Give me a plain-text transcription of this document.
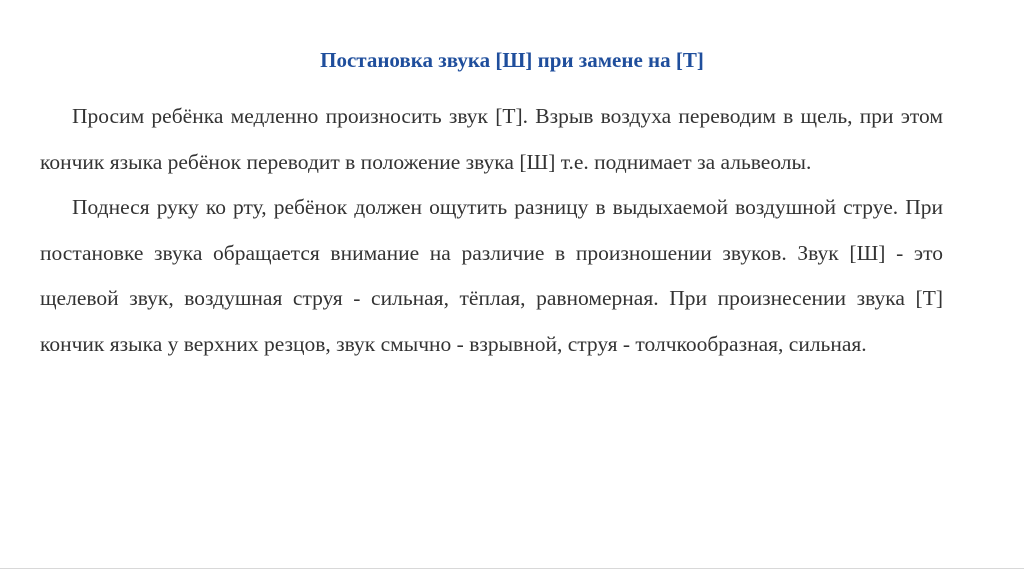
Постановка звука [Ш] при замене на [Т]

Просим ребёнка медленно произносить звук [Т]. Взрыв воздуха переводим в щель, при этом кончик языка ребёнок переводит в положение звука [Ш] т.е. поднимает за альвеолы.

Поднеся руку ко рту, ребёнок должен ощутить разницу в выдыхаемой воздушной струе. При постановке звука обращается внимание на различие в произношении звуков. Звук [Ш] - это щелевой звук, воздушная струя - сильная, тёплая, равномерная. При произнесении звука [Т] кончик языка у верхних резцов, звук смычно - взрывной, струя - толчкообразная, сильная.
